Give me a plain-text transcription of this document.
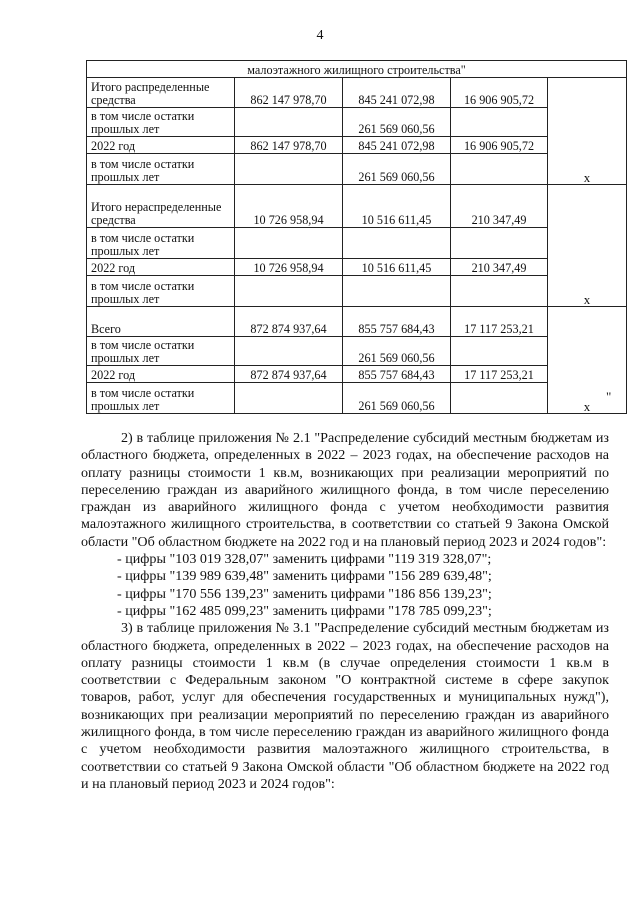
4
малоэтажного жилищного строительства"				
Итого распределенные средства	862 147 978,70	845 241 072,98	16 906 905,72	x
в том числе остатки прошлых лет		261 569 060,56		
2022 год	862 147 978,70	845 241 072,98	16 906 905,72	
в том числе остатки прошлых лет		261 569 060,56		
Итого нераспределенные средства	10 726 958,94	10 516 611,45	210 347,49	x
в том числе остатки прошлых лет				
2022 год	10 726 958,94	10 516 611,45	210 347,49	
в том числе остатки прошлых лет				
Всего	872 874 937,64	855 757 684,43	17 117 253,21	x
в том числе остатки прошлых лет		261 569 060,56		
2022 год	872 874 937,64	855 757 684,43	17 117 253,21	
в том числе остатки прошлых лет		261 569 060,56		
"

2) в таблице приложения № 2.1 "Распределение субсидий местным бюджетам из областного бюджета, определенных в 2022 – 2023 годах, на обеспечение расходов на оплату разницы стоимости 1 кв.м, возникающих при реализации мероприятий по переселению граждан из аварийного жилищного фонда, в том числе переселению граждан из аварийного жилищного фонда с учетом необходимости развития малоэтажного жилищного строительства, в соответствии со статьей 9 Закона Омской области "Об областном бюджете на 2022 год и на плановый период 2023 и 2024 годов":

- цифры "103 019 328,07" заменить цифрами "119 319 328,07";

- цифры "139 989 639,48" заменить цифрами "156 289 639,48";

- цифры "170 556 139,23" заменить цифрами "186 856 139,23";

- цифры "162 485 099,23" заменить цифрами "178 785 099,23";

3) в таблице приложения № 3.1 "Распределение субсидий местным бюджетам из областного бюджета, определенных в 2022 – 2023 годах, на обеспечение расходов на оплату разницы стоимости 1 кв.м (в случае определения стоимости 1 кв.м в соответствии с Федеральным законом "О контрактной системе в сфере закупок товаров, работ, услуг для обеспечения государственных и муниципальных нужд"), возникающих при реализации мероприятий по переселению граждан из аварийного жилищного фонда, в том числе переселению граждан из аварийного жилищного фонда с учетом необходимости развития малоэтажного жилищного строительства, в соответствии со статьей 9 Закона Омской области "Об областном бюджете на 2022 год и на плановый период 2023 и 2024 годов":
